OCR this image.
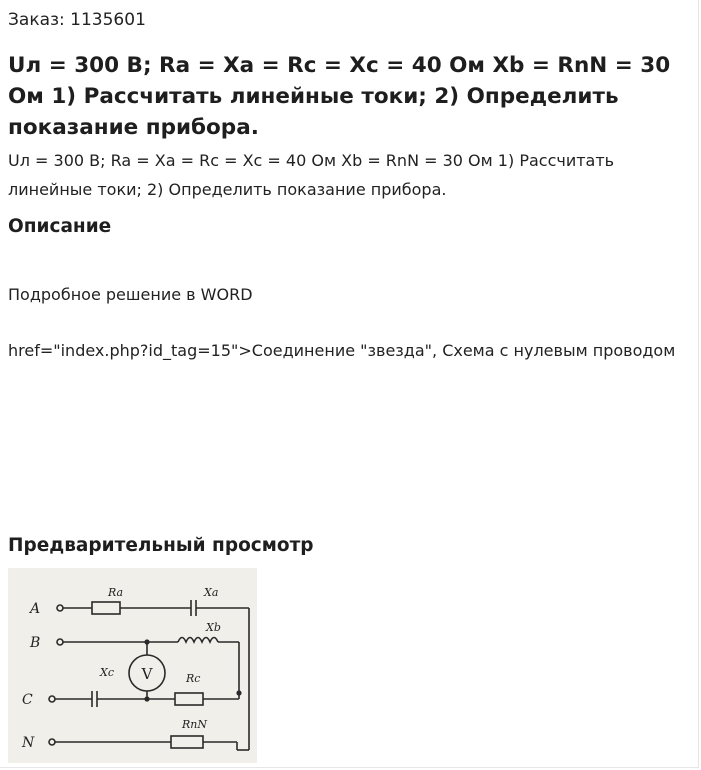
Заказ: 1135601
Uл = 300 В; Ra = Xa = Rc = Xc = 40 Ом Xb = RnN = 30 Ом 1) Рассчитать линейные токи; 2) Определить показание прибора.
Uл = 300 В; Ra = Xa = Rc = Xc = 40 Ом Xb = RnN = 30 Ом 1) Рассчитать линейные токи; 2) Определить показание прибора.
Описание
Подробное решение в WORD
href="index.php?id_tag=15">Соединение "звезда", Схема с нулевым проводом
Предварительный просмотр
V
A
B
C
N
Ra	Xa
Xb
Xc	Rc
RnN
